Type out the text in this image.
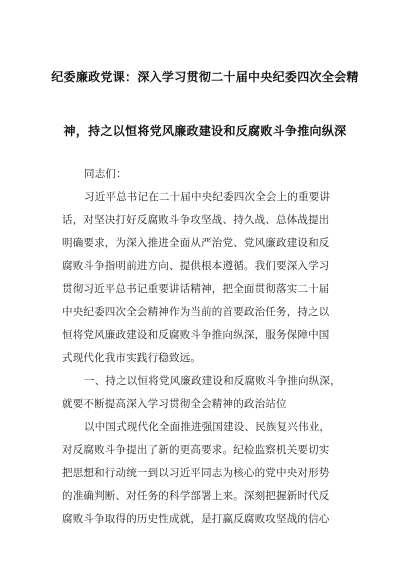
纪委廉政党课：深入学习贯彻二十届中央纪委四次全会精
神，持之以恒将党风廉政建设和反腐败斗争推向纵深
同志们：
习近平总书记在二十届中央纪委四次全会上的重要讲
话，对坚决打好反腐败斗争攻坚战、持久战、总体战提出
明确要求，为深入推进全面从严治党、党风廉政建设和反
腐败斗争指明前进方向、提供根本遵循。我们要深入学习
贯彻习近平总书记重要讲话精神，把全面贯彻落实二十届
中央纪委四次全会精神作为当前的首要政治任务，持之以
恒将党风廉政建设和反腐败斗争推向纵深，服务保障中国
式现代化我市实践行稳致远。
一、持之以恒将党风廉政建设和反腐败斗争推向纵深，
就要不断提高深入学习贯彻全会精神的政治站位
以中国式现代化全面推进强国建设、民族复兴伟业，
对反腐败斗争提出了新的更高要求。纪检监察机关要切实
把思想和行动统一到以习近平同志为核心的党中央对形势
的准确判断、对任务的科学部署上来。深刻把握新时代反
腐败斗争取得的历史性成就，是打赢反腐败攻坚战的信心
